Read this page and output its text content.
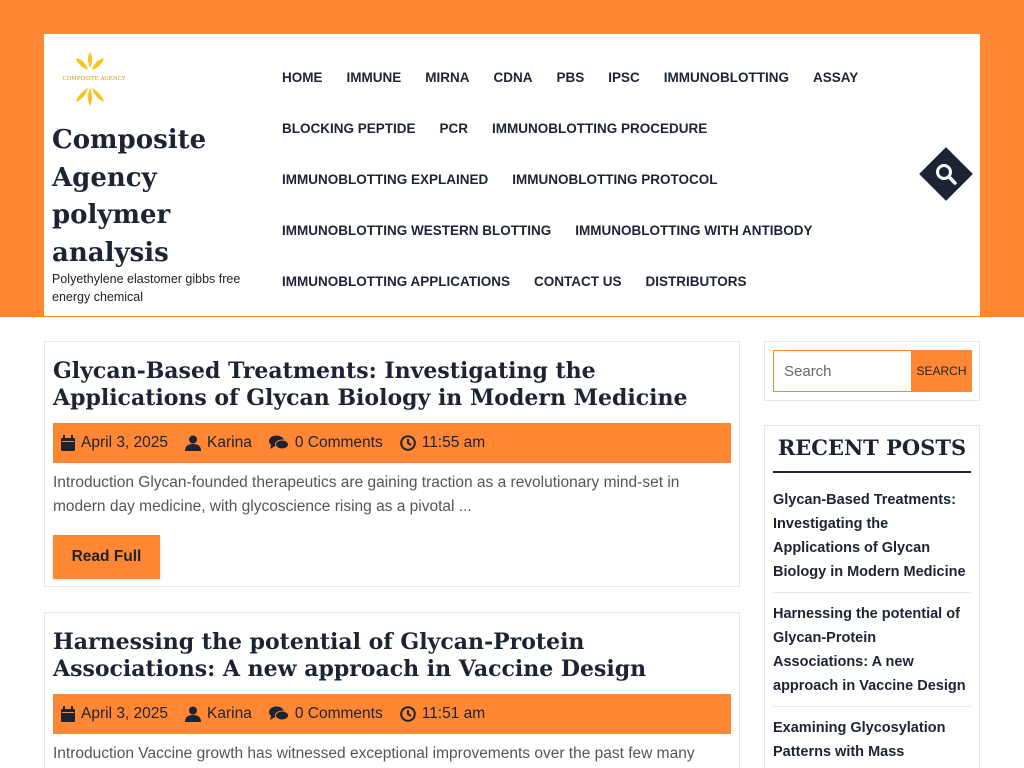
COMPOSITE AGENCY
Composite Agency polymer analysis
Polyethylene elastomer gibbs free energy chemical
HOME IMMUNE MIRNA CDNA PBS IPSC IMMUNOBLOTTING ASSAY
BLOCKING PEPTIDE PCR IMMUNOBLOTTING PROCEDURE
IMMUNOBLOTTING EXPLAINED IMMUNOBLOTTING PROTOCOL
IMMUNOBLOTTING WESTERN BLOTTING IMMUNOBLOTTING WITH ANTIBODY
IMMUNOBLOTTING APPLICATIONS CONTACT US DISTRIBUTORS
Glycan-Based Treatments: Investigating the Applications of Glycan Biology in Modern Medicine
April 3, 2025	Karina	0 Comments	11:55 am

Introduction Glycan-founded therapeutics are gaining traction as a revolutionary mind-set in modern day medicine, with glycoscience rising as a pivotal ...

Read Full
Harnessing the potential of Glycan-Protein Associations: A new approach in Vaccine Design
April 3, 2025	Karina	0 Comments	11:51 am

Introduction Vaccine growth has witnessed exceptional improvements over the past few many

Search
SEARCH
RECENT POSTS
Glycan-Based Treatments: Investigating the Applications of Glycan Biology in Modern Medicine
Harnessing the potential of Glycan-Protein Associations: A new approach in Vaccine Design
Examining Glycosylation Patterns with Mass
